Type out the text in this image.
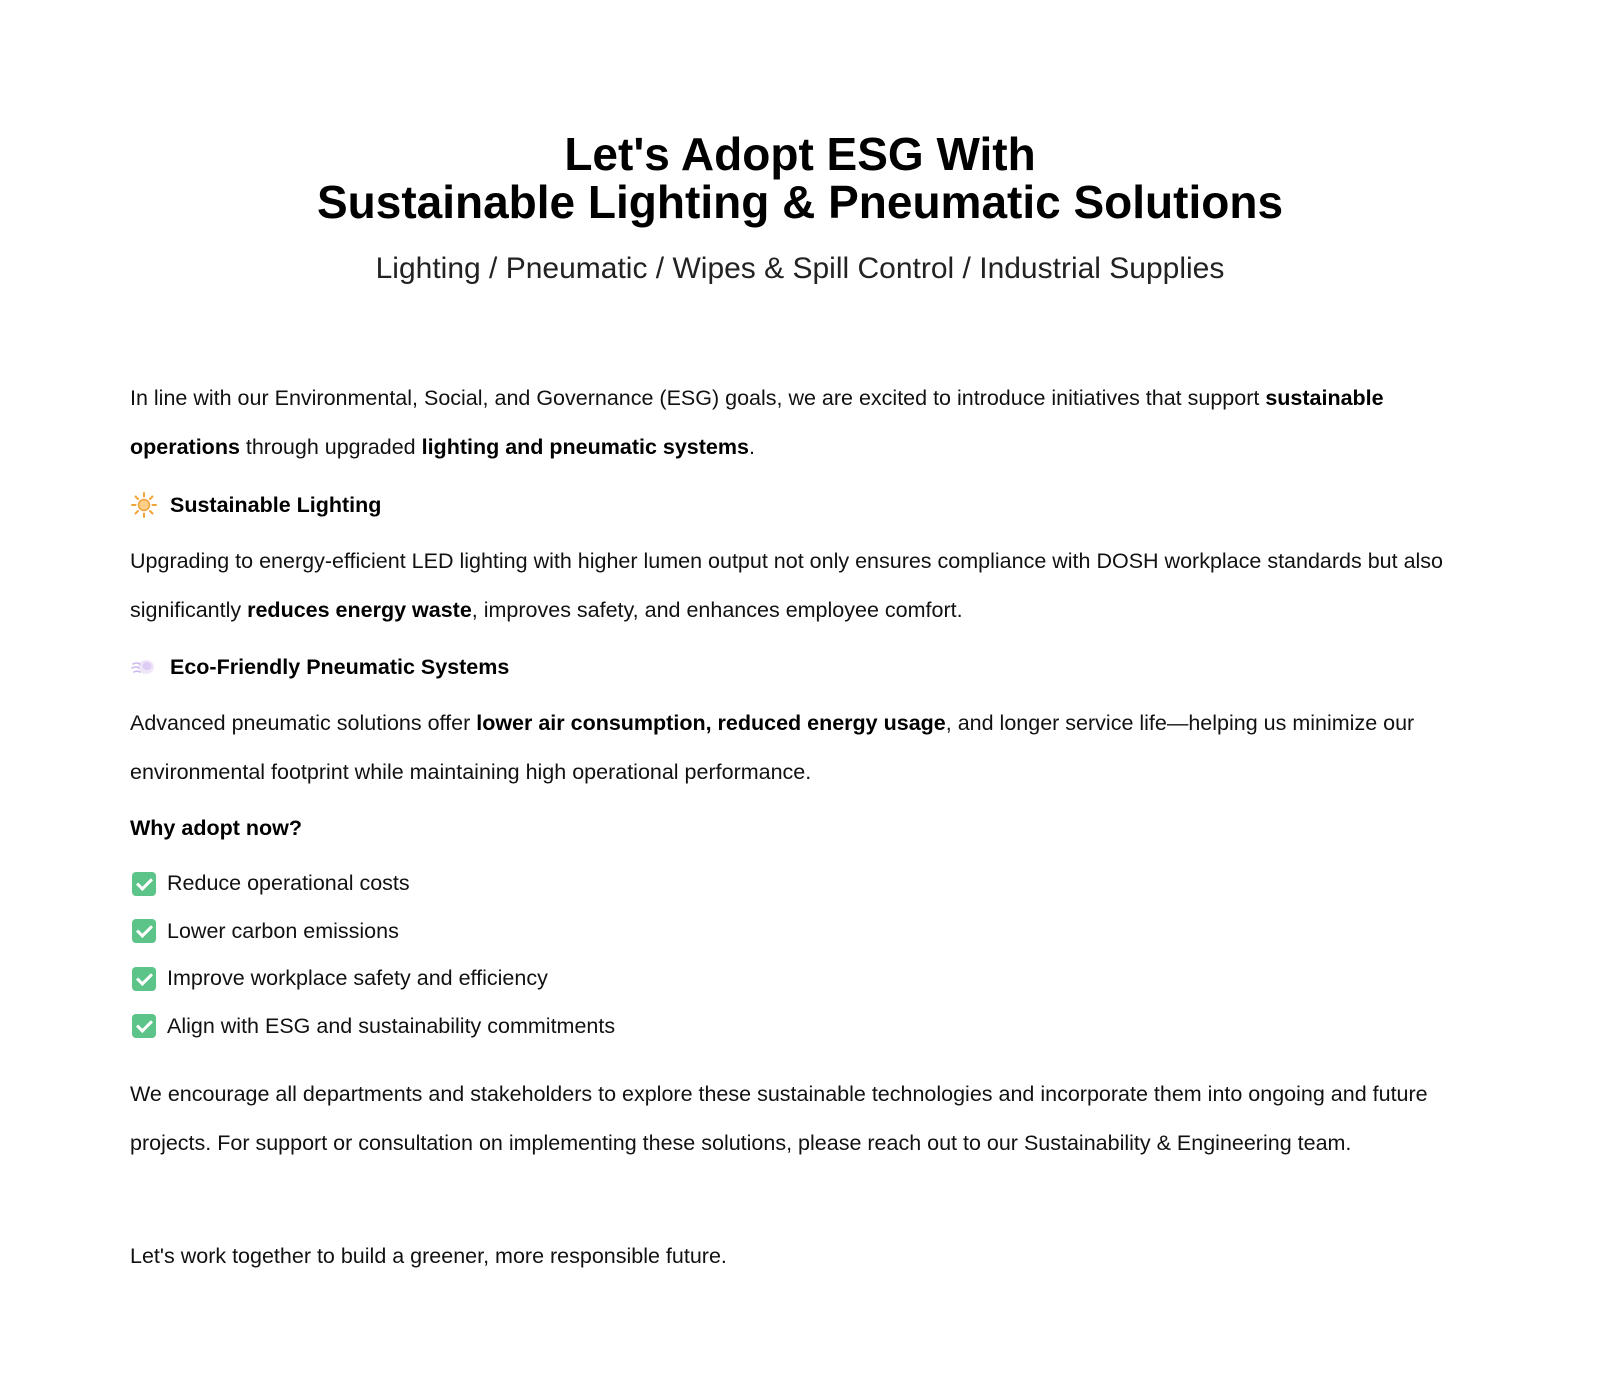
Let's Adopt ESG With
Sustainable Lighting & Pneumatic Solutions
Lighting / Pneumatic / Wipes & Spill Control / Industrial Supplies

In line with our Environmental, Social, and Governance (ESG) goals, we are excited to introduce initiatives that support sustainable operations through upgraded lighting and pneumatic systems.

Sustainable Lighting

Upgrading to energy-efficient LED lighting with higher lumen output not only ensures compliance with DOSH workplace standards but also significantly reduces energy waste, improves safety, and enhances employee comfort.

Eco-Friendly Pneumatic Systems

Advanced pneumatic solutions offer lower air consumption, reduced energy usage, and longer service life—helping us minimize our environmental footprint while maintaining high operational performance.

Why adopt now?
Reduce operational costs
Lower carbon emissions
Improve workplace safety and efficiency
Align with ESG and sustainability commitments

We encourage all departments and stakeholders to explore these sustainable technologies and incorporate them into ongoing and future projects. For support or consultation on implementing these solutions, please reach out to our Sustainability & Engineering team.

Let's work together to build a greener, more responsible future.
